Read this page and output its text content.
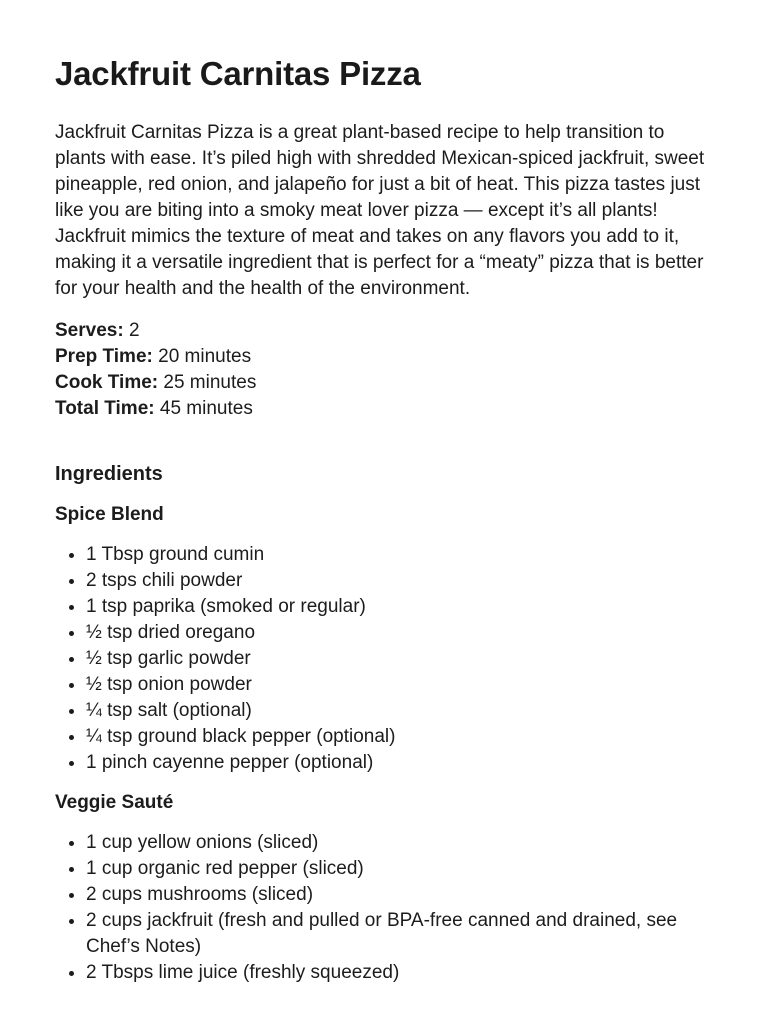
Jackfruit Carnitas Pizza

Jackfruit Carnitas Pizza is a great plant-based recipe to help transition to plants with ease. It’s piled high with shredded Mexican-spiced jackfruit, sweet pineapple, red onion, and jalapeño for just a bit of heat. This pizza tastes just like you are biting into a smoky meat lover pizza — except it’s all plants! Jackfruit mimics the texture of meat and takes on any flavors you add to it, making it a versatile ingredient that is perfect for a “meaty” pizza that is better for your health and the health of the environment.

Serves: 2
Prep Time: 20 minutes
Cook Time: 25 minutes
Total Time: 45 minutes
Ingredients
Spice Blend
• 1 Tbsp ground cumin
• 2 tsps chili powder
• 1 tsp paprika (smoked or regular)
• ½ tsp dried oregano
• ½ tsp garlic powder
• ½ tsp onion powder
• ¼ tsp salt (optional)
• ¼ tsp ground black pepper (optional)
• 1 pinch cayenne pepper (optional)
Veggie Sauté
• 1 cup yellow onions (sliced)
• 1 cup organic red pepper (sliced)
• 2 cups mushrooms (sliced)
• 2 cups jackfruit (fresh and pulled or BPA-free canned and drained, see Chef’s Notes)
• 2 Tbsps lime juice (freshly squeezed)
